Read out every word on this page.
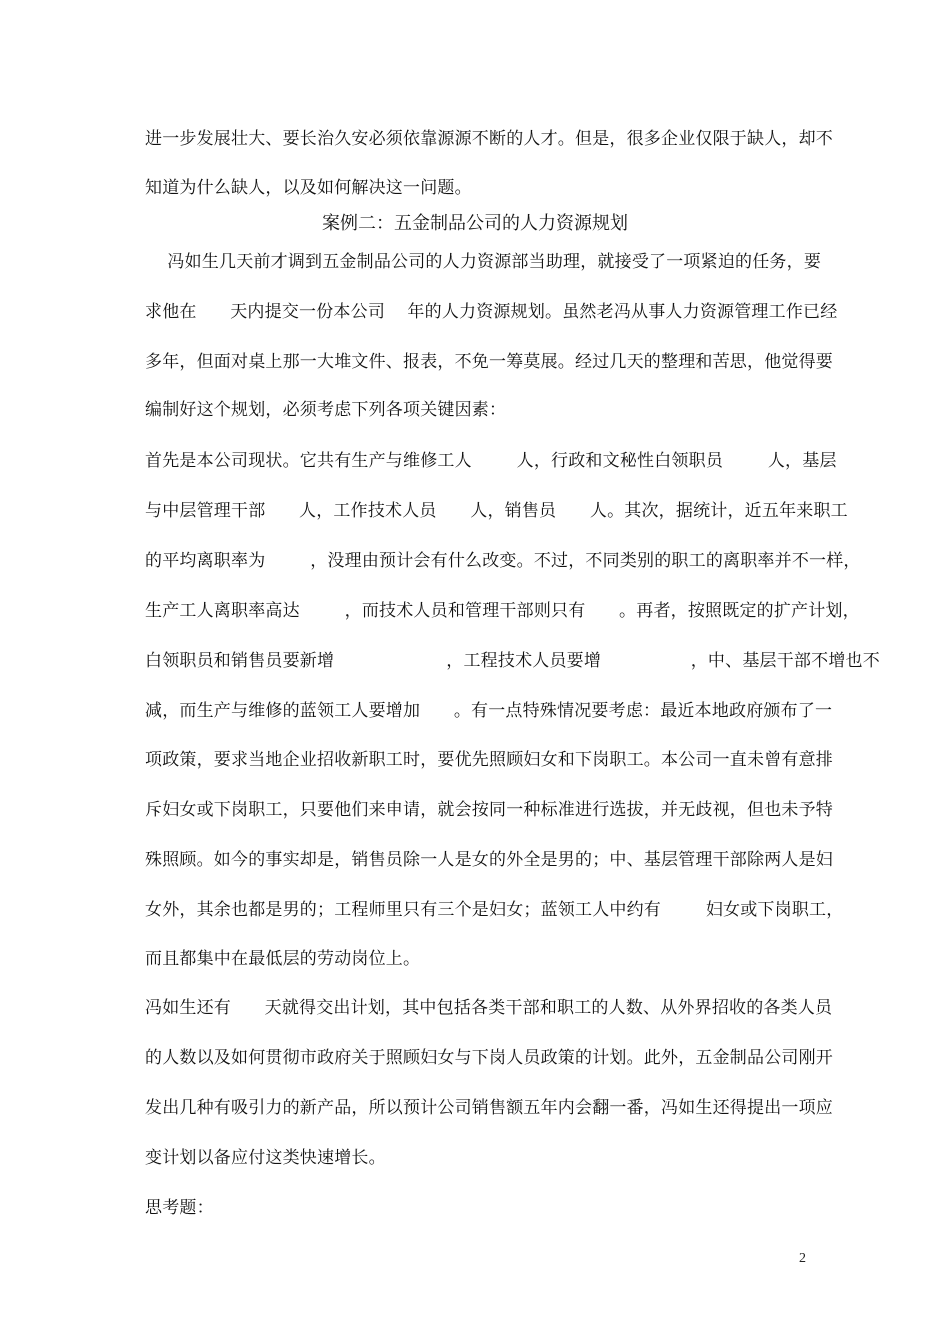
进一步发展壮大、要长治久安必须依靠源源不断的人才。但是，很多企业仅限于缺人，却不
知道为什么缺人，以及如何解决这一问题。
案例二：五金制品公司的人力资源规划
冯如生几天前才调到五金制品公司的人力资源部当助理，就接受了一项紧迫的任务，要
求他在      天内提交一份本公司    年的人力资源规划。虽然老冯从事人力资源管理工作已经
多年，但面对桌上那一大堆文件、报表，不免一筹莫展。经过几天的整理和苦思，他觉得要
编制好这个规划，必须考虑下列各项关键因素：
首先是本公司现状。它共有生产与维修工人        人，行政和文秘性白领职员        人，基层
与中层管理干部      人，工作技术人员      人，销售员      人。其次，据统计，近五年来职工
的平均离职率为        ，没理由预计会有什么改变。不过，不同类别的职工的离职率并不一样，
生产工人离职率高达        ，而技术人员和管理干部则只有      。再者，按照既定的扩产计划，
白领职员和销售员要新增                    ，工程技术人员要增                ，中、基层干部不增也不
减，而生产与维修的蓝领工人要增加      。有一点特殊情况要考虑：最近本地政府颁布了一
项政策，要求当地企业招收新职工时，要优先照顾妇女和下岗职工。本公司一直未曾有意排
斥妇女或下岗职工，只要他们来申请，就会按同一种标准进行选拔，并无歧视，但也未予特
殊照顾。如今的事实却是，销售员除一人是女的外全是男的；中、基层管理干部除两人是妇
女外，其余也都是男的；工程师里只有三个是妇女；蓝领工人中约有        妇女或下岗职工，
而且都集中在最低层的劳动岗位上。
冯如生还有      天就得交出计划，其中包括各类干部和职工的人数、从外界招收的各类人员
的人数以及如何贯彻市政府关于照顾妇女与下岗人员政策的计划。此外，五金制品公司刚开
发出几种有吸引力的新产品，所以预计公司销售额五年内会翻一番，冯如生还得提出一项应
变计划以备应付这类快速增长。
思考题：
2
